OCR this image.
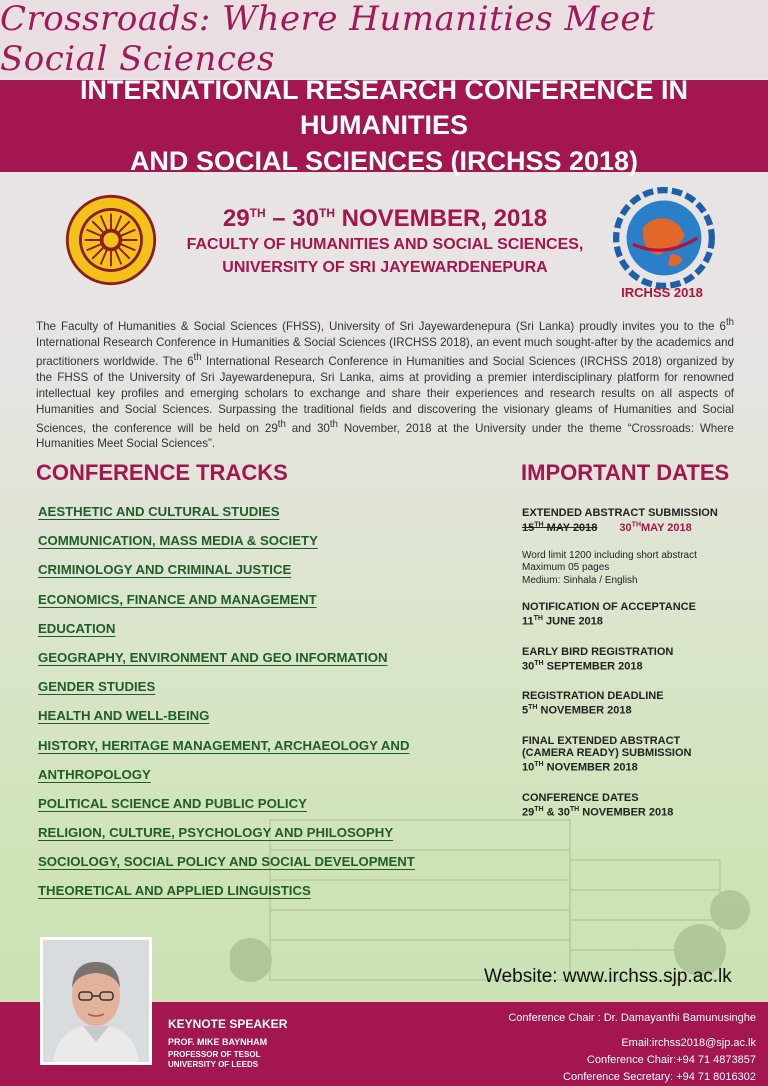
Crossroads: Where Humanities Meet Social Sciences
INTERNATIONAL RESEARCH CONFERENCE IN HUMANITIES
AND SOCIAL SCIENCES (IRCHSS 2018)
IRCHSS 2018
29TH – 30TH NOVEMBER, 2018
FACULTY OF HUMANITIES AND SOCIAL SCIENCES,
UNIVERSITY OF SRI JAYEWARDENEPURA

The Faculty of Humanities & Social Sciences (FHSS), University of Sri Jayewardenepura (Sri Lanka) proudly invites you to the 6th International Research Conference in Humanities & Social Sciences (IRCHSS 2018), an event much sought-after by the academics and practitioners worldwide. The 6th International Research Conference in Humanities and Social Sciences (IRCHSS 2018) organized by the FHSS of the University of Sri Jayewardenepura, Sri Lanka, aims at providing a premier interdisciplinary platform for renowned intellectual key profiles and emerging scholars to exchange and share their experiences and research results on all aspects of Humanities and Social Sciences. Surpassing the traditional fields and discovering the visionary gleams of Humanities and Social Sciences, the conference will be held on 29th and 30th November, 2018 at the University under the theme “Crossroads: Where Humanities Meet Social Sciences”.

CONFERENCE TRACKS
AESTHETIC AND CULTURAL STUDIES
COMMUNICATION, MASS MEDIA & SOCIETY
CRIMINOLOGY AND CRIMINAL JUSTICE
ECONOMICS, FINANCE AND MANAGEMENT
EDUCATION
GEOGRAPHY, ENVIRONMENT AND GEO INFORMATION
GENDER STUDIES
HEALTH AND WELL-BEING
HISTORY, HERITAGE MANAGEMENT, ARCHAEOLOGY AND
ANTHROPOLOGY
POLITICAL SCIENCE AND PUBLIC POLICY
RELIGION, CULTURE, PSYCHOLOGY AND PHILOSOPHY
SOCIOLOGY, SOCIAL POLICY AND SOCIAL DEVELOPMENT
THEORETICAL AND APPLIED LINGUISTICS
IMPORTANT DATES
EXTENDED ABSTRACT SUBMISSION
15TH MAY 2018 30THMAY 2018
Word limit 1200 including short abstract
Maximum 05 pages
Medium: Sinhala / English
NOTIFICATION OF ACCEPTANCE
11TH JUNE 2018
EARLY BIRD REGISTRATION
30TH SEPTEMBER 2018
REGISTRATION DEADLINE
5TH NOVEMBER 2018
FINAL EXTENDED ABSTRACT
(CAMERA READY) SUBMISSION
10TH NOVEMBER 2018
CONFERENCE DATES
29TH & 30TH NOVEMBER 2018
Website: www.irchss.sjp.ac.lk
KEYNOTE SPEAKER
PROF. MIKE BAYNHAM
PROFESSOR OF TESOL
UNIVERSITY OF LEEDS
Conference Chair : Dr. Damayanthi Bamunusinghe
Email:irchss2018@sjp.ac.lk
Conference Chair:+94 71 4873857
Conference Secretary: +94 71 8016302
